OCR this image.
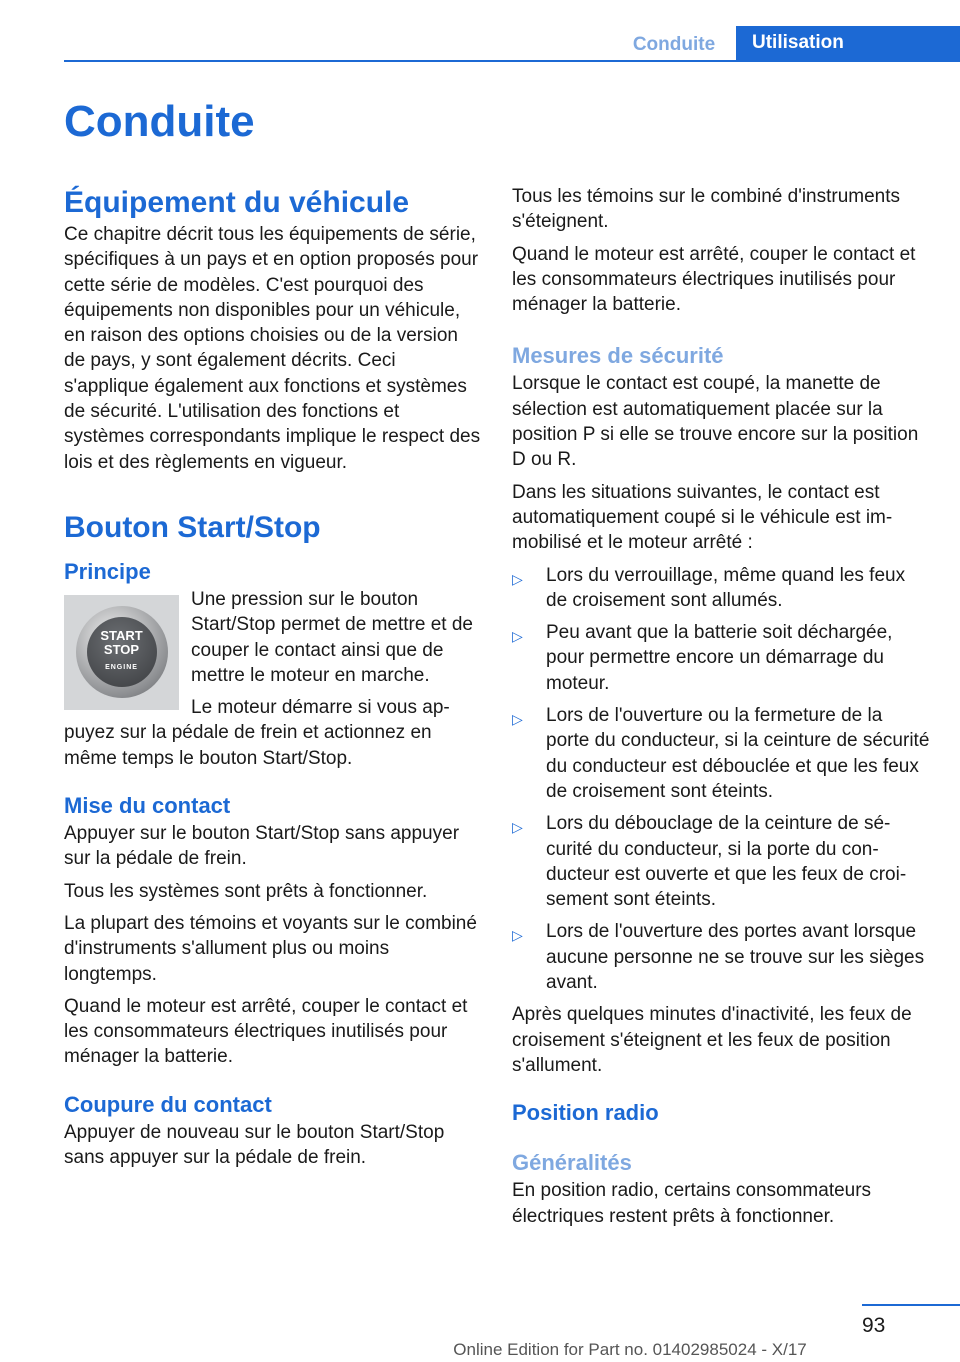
Conduite	Utilisation
Conduite
Équipement du véhicule

Ce chapitre décrit tous les équipements de série, spécifiques à un pays et en option proposés pour cette série de modèles. C'est pourquoi des équipements non disponibles pour un véhicule, en raison des options choisies ou de la version de pays, y sont également décrits. Ceci s'applique également aux fonctions et systèmes de sécurité. L'utilisation des fonctions et systèmes correspondants implique le respect des lois et des règlements en vigueur.

Bouton Start/Stop
Principe
START
STOP
ENGINE

Une pression sur le bouton Start/Stop permet de mettre et de couper le contact ainsi que de mettre le moteur en marche.

Le moteur démarre si vous appuyez sur la pédale de frein et actionnez en même temps le bouton Start/Stop.

Mise du contact

Appuyer sur le bouton Start/Stop sans appuyer sur la pédale de frein.

Tous les systèmes sont prêts à fonctionner.

La plupart des témoins et voyants sur le combiné d'instruments s'allument plus ou moins longtemps.

Quand le moteur est arrêté, couper le contact et les consommateurs électriques inutilisés pour ménager la batterie.

Coupure du contact

Appuyer de nouveau sur le bouton Start/Stop sans appuyer sur la pédale de frein.

Tous les témoins sur le combiné d'instruments s'éteignent.

Quand le moteur est arrêté, couper le contact et les consommateurs électriques inutilisés pour ménager la batterie.

Mesures de sécurité

Lorsque le contact est coupé, la manette de sélection est automatiquement placée sur la position P si elle se trouve encore sur la position D ou R.

Dans les situations suivantes, le contact est automatiquement coupé si le véhicule est immobilisé et le moteur arrêté :

▷ Lors du verrouillage, même quand les feux de croisement sont allumés.
▷ Peu avant que la batterie soit déchargée, pour permettre encore un démarrage du moteur.
▷ Lors de l'ouverture ou la fermeture de la porte du conducteur, si la ceinture de sécurité du conducteur est débouclée et que les feux de croisement sont éteints.
▷ Lors du débouclage de la ceinture de sécurité du conducteur, si la porte du conducteur est ouverte et que les feux de croisement sont éteints.
▷ Lors de l'ouverture des portes avant lorsque aucune personne ne se trouve sur les sièges avant.

Après quelques minutes d'inactivité, les feux de croisement s'éteignent et les feux de position s'allument.

Position radio
Généralités

En position radio, certains consommateurs électriques restent prêts à fonctionner.

93
Online Edition for Part no. 01402985024 - X/17
